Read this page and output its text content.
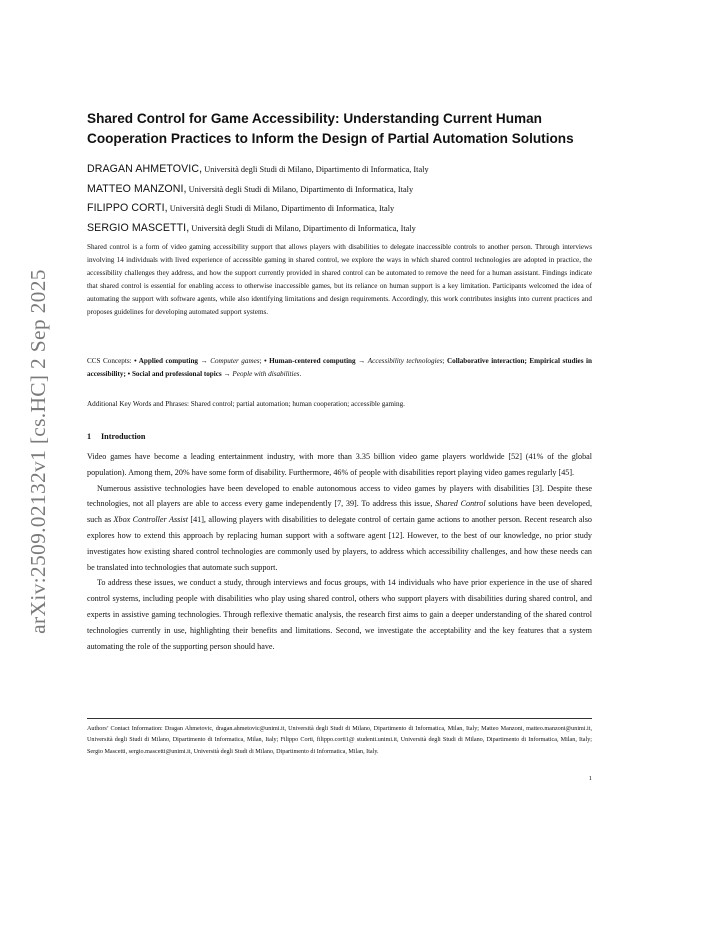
arXiv:2509.02132v1 [cs.HC] 2 Sep 2025
Shared Control for Game Accessibility: Understanding Current Human Cooperation Practices to Inform the Design of Partial Automation Solutions
DRAGAN AHMETOVIC, Università degli Studi di Milano, Dipartimento di Informatica, Italy
MATTEO MANZONI, Università degli Studi di Milano, Dipartimento di Informatica, Italy
FILIPPO CORTI, Università degli Studi di Milano, Dipartimento di Informatica, Italy
SERGIO MASCETTI, Università degli Studi di Milano, Dipartimento di Informatica, Italy

Shared control is a form of video gaming accessibility support that allows players with disabilities to delegate inaccessible controls to another person. Through interviews involving 14 individuals with lived experience of accessible gaming in shared control, we explore the ways in which shared control technologies are adopted in practice, the accessibility challenges they address, and how the support currently provided in shared control can be automated to remove the need for a human assistant. Findings indicate that shared control is essential for enabling access to otherwise inaccessible games, but its reliance on human support is a key limitation. Participants welcomed the idea of automating the support with software agents, while also identifying limitations and design requirements. Accordingly, this work contributes insights into current practices and proposes guidelines for developing automated support systems.

CCS Concepts: • Applied computing → Computer games; • Human-centered computing → Accessibility technologies; Collaborative interaction; Empirical studies in accessibility; • Social and professional topics → People with disabilities.

Additional Key Words and Phrases: Shared control; partial automation; human cooperation; accessible gaming.

1 Introduction

Video games have become a leading entertainment industry, with more than 3.35 billion video game players worldwide [52] (41% of the global population). Among them, 20% have some form of disability. Furthermore, 46% of people with disabilities report playing video games regularly [45].

Numerous assistive technologies have been developed to enable autonomous access to video games by players with disabilities [3]. Despite these technologies, not all players are able to access every game independently [7, 39]. To address this issue, Shared Control solutions have been developed, such as Xbox Controller Assist [41], allowing players with disabilities to delegate control of certain game actions to another person. Recent research also explores how to extend this approach by replacing human support with a software agent [12]. However, to the best of our knowledge, no prior study investigates how existing shared control technologies are commonly used by players, to address which accessibility challenges, and how these needs can be translated into technologies that automate such support.

To address these issues, we conduct a study, through interviews and focus groups, with 14 individuals who have prior experience in the use of shared control systems, including people with disabilities who play using shared control, others who support players with disabilities during shared control, and experts in assistive gaming technologies. Through reflexive thematic analysis, the research first aims to gain a deeper understanding of the shared control technologies currently in use, highlighting their benefits and limitations. Second, we investigate the acceptability and the key features that a system automating the role of the supporting person should have.

Authors’ Contact Information: Dragan Ahmetovic, dragan.ahmetovic@unimi.it, Università degli Studi di Milano, Dipartimento di Informatica, Milan, Italy; Matteo Manzoni, matteo.manzoni@unimi.it, Università degli Studi di Milano, Dipartimento di Informatica, Milan, Italy; Filippo Corti, filippo.corti1@ studenti.unimi.it, Università degli Studi di Milano, Dipartimento di Informatica, Milan, Italy; Sergio Mascetti, sergio.mascetti@unimi.it, Università degli Studi di Milano, Dipartimento di Informatica, Milan, Italy.

1
